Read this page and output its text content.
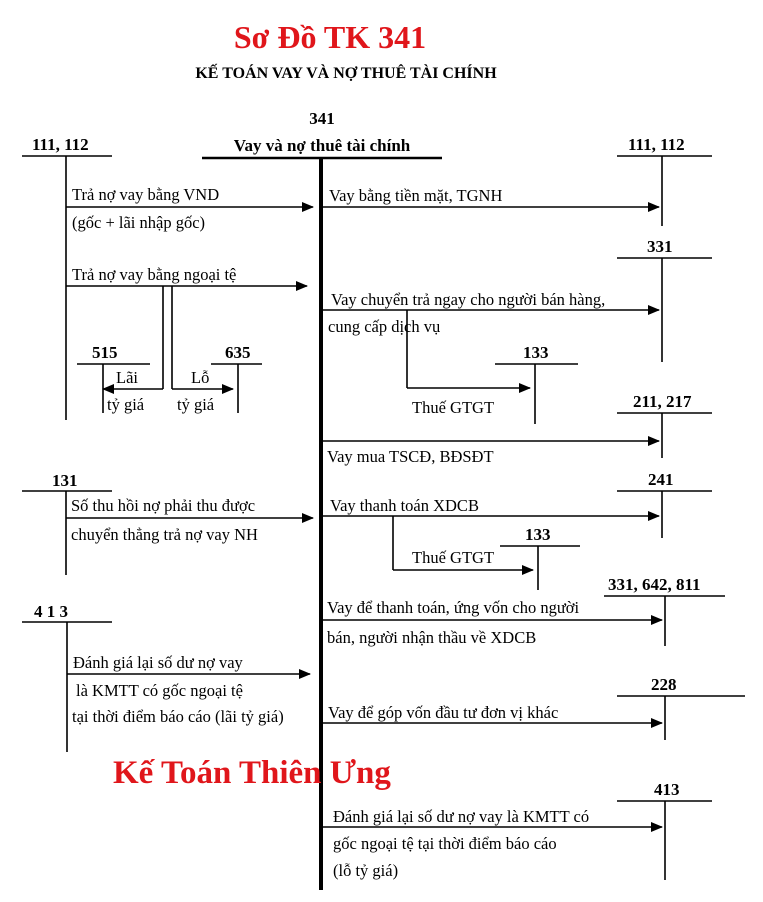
Sơ Đồ TK 341
KẾ TOÁN VAY VÀ NỢ THUÊ TÀI CHÍNH
341
Vay và nợ thuê tài chính
111, 112
Trả nợ vay bằng VND
(gốc + lãi nhập gốc)
Trả nợ vay bằng ngoại tệ
515
Lãi
tỷ giá
635
Lỗ
tỷ giá
131
Số thu hồi nợ phải thu được
chuyển thẳng trả nợ vay NH
4 1 3
Đánh giá lại số dư nợ vay
là KMTT có gốc ngoại tệ
tại thời điểm báo cáo (lãi tỷ giá)
111, 112
Vay bằng tiền mặt, TGNH
331
Vay chuyển trả ngay cho người bán hàng,
cung cấp dịch vụ
133
Thuế GTGT	211, 217
Vay mua TSCĐ, BĐSĐT
241
Vay thanh toán XDCB
133
Thuế GTGT
331, 642, 811
Vay để thanh toán, ứng vốn cho người
bán, người nhận thầu về XDCB
228
Vay để góp vốn đầu tư đơn vị khác
Kế Toán Thiên Ưng	413
Đánh giá lại số dư nợ vay là KMTT có
gốc ngoại tệ tại thời điểm báo cáo
(lỗ tỷ giá)
